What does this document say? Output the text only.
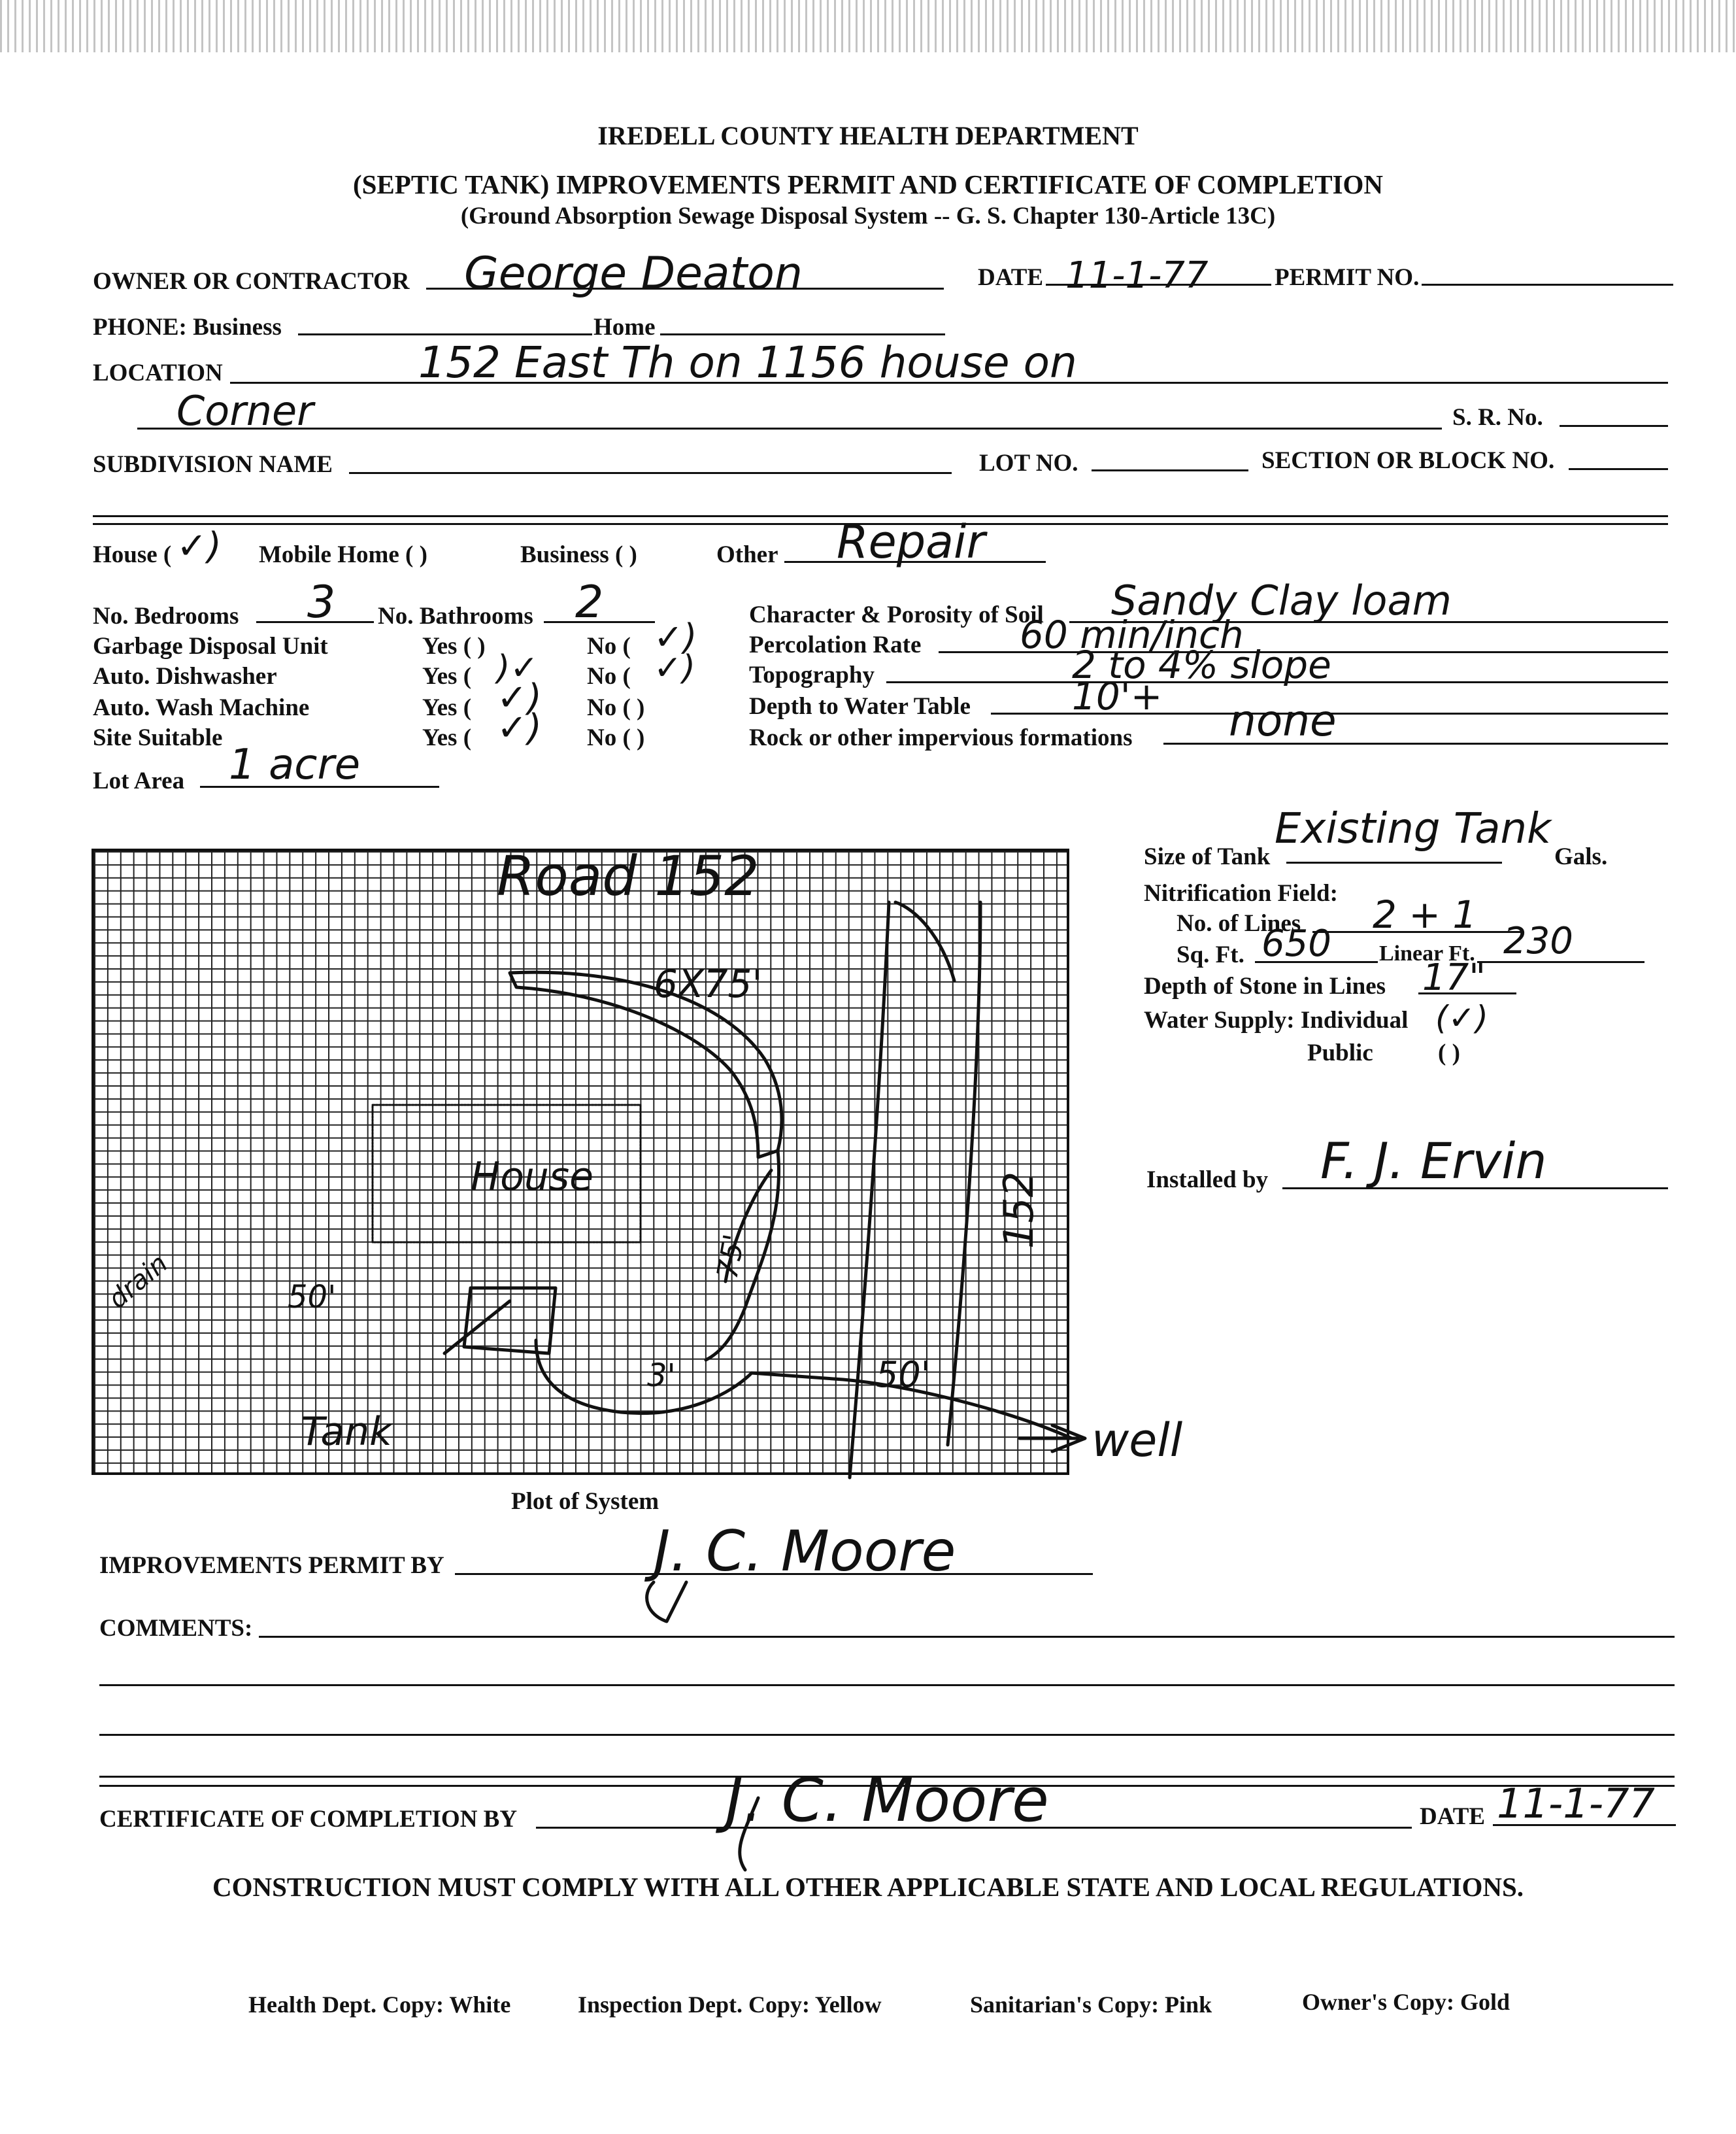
IREDELL COUNTY HEALTH DEPARTMENT
(SEPTIC TANK) IMPROVEMENTS PERMIT AND CERTIFICATE OF COMPLETION
(Ground Absorption Sewage Disposal System -- G. S. Chapter 130-Article 13C)
OWNER OR CONTRACTOR George Deaton	DATE 11-1-77	PERMIT NO.
PHONE: Business	Home
LOCATION	152 East Th on 1156 house on
Corner	S. R. No.
SUBDIVISION NAME	LOT NO.	SECTION OR BLOCK NO.
House ( ✓) Mobile Home ( )	Business ( )	Other Repair
No. Bedrooms 3 No. Bathrooms 2
Garbage Disposal Unit	Yes ( )	No ( ✓)
Auto. Dishwasher	Yes ( )✓ No ( ✓)
Auto. Wash Machine	Yes ( ✓) No ( )
Site Suitable	Yes ( ✓) No ( )
Lot Area 1 acre
Character & Porosity of Soil Sandy Clay loam
Percolation Rate	60 min/inch
Topography	2 to 4% slope
Depth to Water Table	10'+
Rock or other impervious formations none
Road 152
6X75'
House
50'
drain
Tank
3'
75'
50'
152
well
Plot of System
Size of Tank
Existing Tank
Gals.
Nitrification Field:
No. of Lines 2 + 1
Sq. Ft. 650 Linear Ft. 230
Depth of Stone in Lines 17"
Water Supply: Individual (✓)
Public	( )
Installed by F. J. Ervin
IMPROVEMENTS PERMIT BY	J. C. Moore
COMMENTS:
CERTIFICATE OF COMPLETION BY	J. C. Moore	DATE 11-1-77
CONSTRUCTION MUST COMPLY WITH ALL OTHER APPLICABLE STATE AND LOCAL REGULATIONS.
Health Dept. Copy: White	Inspection Dept. Copy: Yellow	Sanitarian's Copy: Pink	Owner's Copy: Gold
